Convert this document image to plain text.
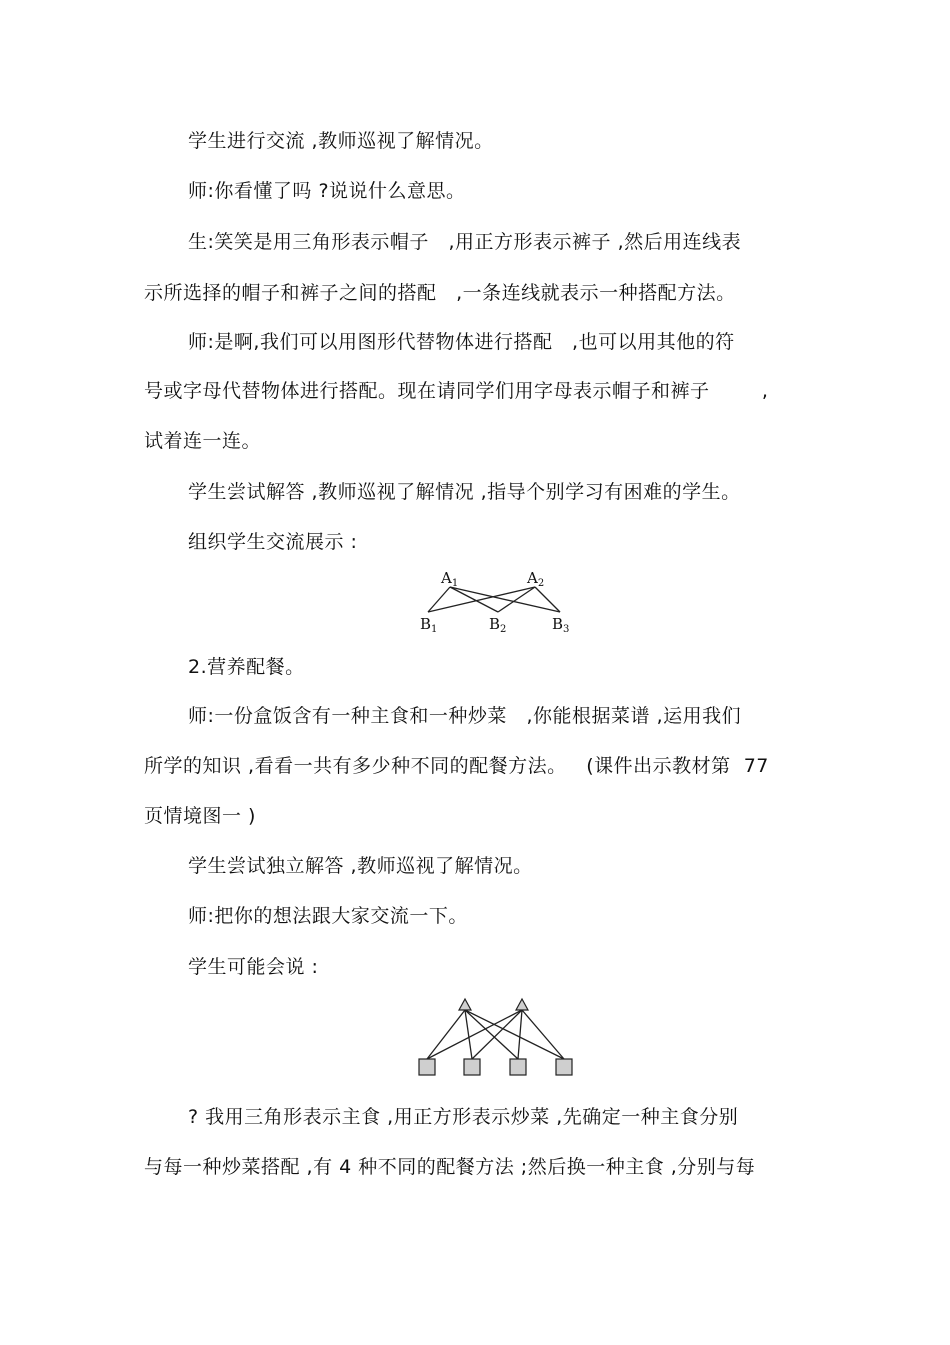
学生进行交流 ,教师巡视了解情况。
师:你看懂了吗 ?说说什么意思。
生:笑笑是用三角形表示帽子   ,用正方形表示裤子 ,然后用连线表
示所选择的帽子和裤子之间的搭配   ,一条连线就表示一种搭配方法。
师:是啊,我们可以用图形代替物体进行搭配   ,也可以用其他的符
号或字母代替物体进行搭配。现在请同学们用字母表示帽子和裤子        ,
试着连一连。
学生尝试解答 ,教师巡视了解情况 ,指导个别学习有困难的学生。
组织学生交流展示 :
$A_1$	$A_2$
$B_1$	$B_2$	$B_3$
2.营养配餐。
师:一份盒饭含有一种主食和一种炒菜   ,你能根据菜谱 ,运用我们
所学的知识 ,看看一共有多少种不同的配餐方法。   (课件出示教材第  77
页情境图一 )
学生尝试独立解答 ,教师巡视了解情况。
师:把你的想法跟大家交流一下。
学生可能会说 :
? 我用三角形表示主食 ,用正方形表示炒菜 ,先确定一种主食分别
与每一种炒菜搭配 ,有 4 种不同的配餐方法 ;然后换一种主食 ,分别与每
